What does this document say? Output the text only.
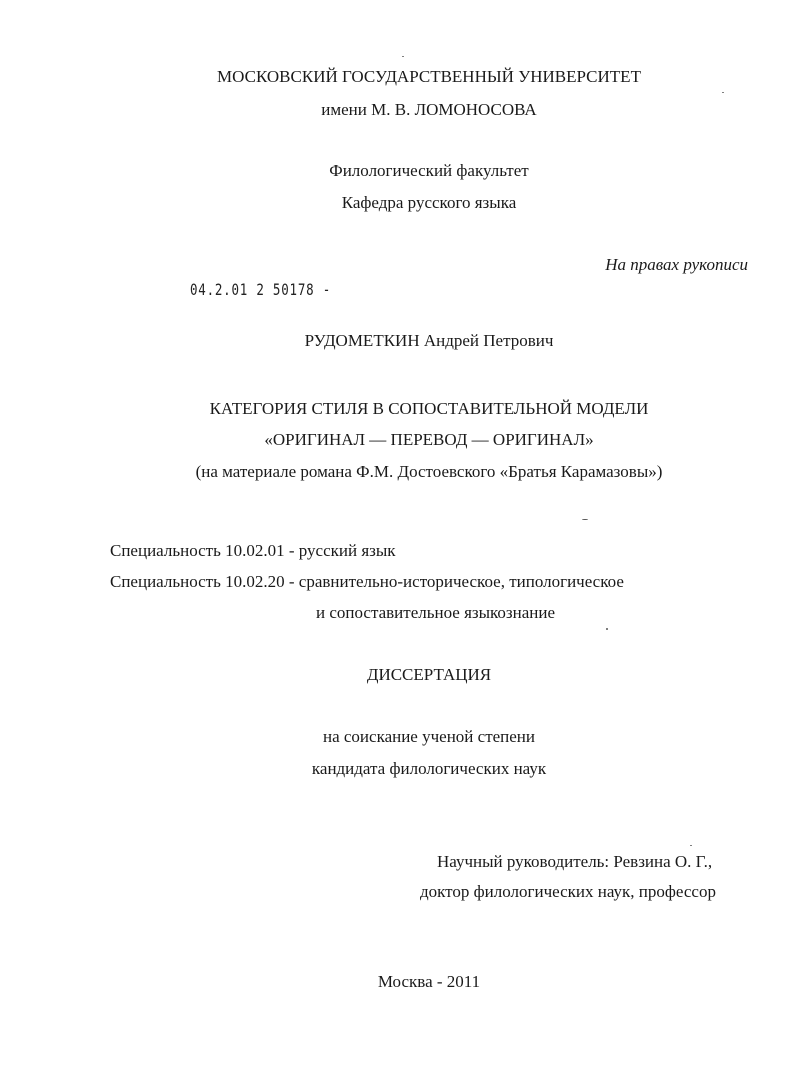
МОСКОВСКИЙ ГОСУДАРСТВЕННЫЙ УНИВЕРСИТЕТ
имени М. В. ЛОМОНОСОВА
Филологический факультет
Кафедра русского языка
На правах рукописи
04.2.01 2 50178 -
РУДОМЕТКИН Андрей Петрович
КАТЕГОРИЯ СТИЛЯ В СОПОСТАВИТЕЛЬНОЙ МОДЕЛИ
«ОРИГИНАЛ — ПЕРЕВОД — ОРИГИНАЛ»
(на материале романа Ф.М. Достоевского «Братья Карамазовы»)
Специальность 10.02.01 - русский язык
Специальность 10.02.20 - сравнительно-историческое, типологическое
и сопоставительное языкознание
ДИССЕРТАЦИЯ
на соискание ученой степени
кандидата филологических наук
Научный руководитель: Ревзина О. Г.,
доктор филологических наук, профессор
Москва - 2011
